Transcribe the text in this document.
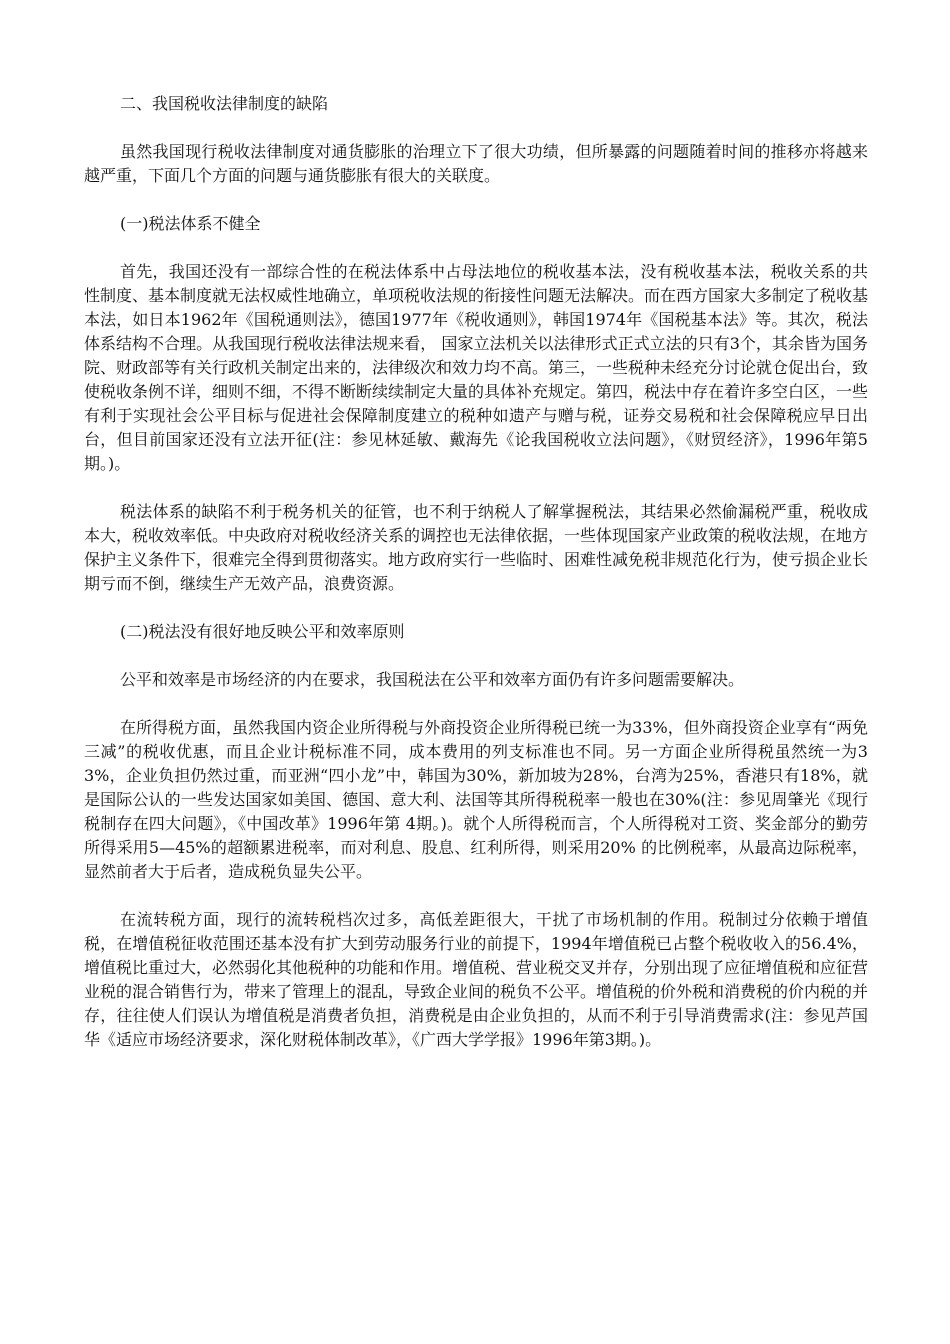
二、我国税收法律制度的缺陷

虽然我国现行税收法律制度对通货膨胀的治理立下了很大功绩，但所暴露的问题随着时间的推移亦将越来越严重，下面几个方面的问题与通货膨胀有很大的关联度。

(一)税法体系不健全

首先，我国还没有一部综合性的在税法体系中占母法地位的税收基本法，没有税收基本法，税收关系的共性制度、基本制度就无法权威性地确立，单项税收法规的衔接性问题无法解决。而在西方国家大多制定了税收基本法，如日本1962年《国税通则法》，德国1977年《税收通则》，韩国1974年《国税基本法》等。其次，税法体系结构不合理。从我国现行税收法律法规来看， 国家立法机关以法律形式正式立法的只有3个，其余皆为国务院、财政部等有关行政机关制定出来的，法律级次和效力均不高。第三，一些税种未经充分讨论就仓促出台，致使税收条例不详，细则不细，不得不断断续续制定大量的具体补充规定。第四，税法中存在着许多空白区，一些有利于实现社会公平目标与促进社会保障制度建立的税种如遗产与赠与税，证券交易税和社会保障税应早日出台，但目前国家还没有立法开征(注：参见林延敏、戴海先《论我国税收立法问题》，《财贸经济》，1996年第5期。)。

税法体系的缺陷不利于税务机关的征管，也不利于纳税人了解掌握税法，其结果必然偷漏税严重，税收成本大，税收效率低。中央政府对税收经济关系的调控也无法律依据，一些体现国家产业政策的税收法规，在地方保护主义条件下，很难完全得到贯彻落实。地方政府实行一些临时、困难性减免税非规范化行为，使亏损企业长期亏而不倒，继续生产无效产品，浪费资源。

(二)税法没有很好地反映公平和效率原则

公平和效率是市场经济的内在要求，我国税法在公平和效率方面仍有许多问题需要解决。

在所得税方面，虽然我国内资企业所得税与外商投资企业所得税已统一为33%，但外商投资企业享有“两免三减”的税收优惠，而且企业计税标准不同，成本费用的列支标准也不同。另一方面企业所得税虽然统一为33%，企业负担仍然过重，而亚洲“四小龙”中，韩国为30%，新加坡为28%，台湾为25%，香港只有18%，就是国际公认的一些发达国家如美国、德国、意大利、法国等其所得税税率一般也在30%(注：参见周肇光《现行税制存在四大问题》，《中国改革》1996年第 4期。)。就个人所得税而言，个人所得税对工资、奖金部分的勤劳所得采用5—45%的超额累进税率，而对利息、股息、红利所得，则采用20% 的比例税率，从最高边际税率，显然前者大于后者，造成税负显失公平。

在流转税方面，现行的流转税档次过多，高低差距很大，干扰了市场机制的作用。税制过分依赖于增值税，在增值税征收范围还基本没有扩大到劳动服务行业的前提下，1994年增值税已占整个税收收入的56.4%，增值税比重过大，必然弱化其他税种的功能和作用。增值税、营业税交叉并存，分别出现了应征增值税和应征营业税的混合销售行为，带来了管理上的混乱，导致企业间的税负不公平。增值税的价外税和消费税的价内税的并存，往往使人们误认为增值税是消费者负担，消费税是由企业负担的，从而不利于引导消费需求(注：参见芦国华《适应市场经济要求，深化财税体制改革》，《广西大学学报》1996年第3期。)。
